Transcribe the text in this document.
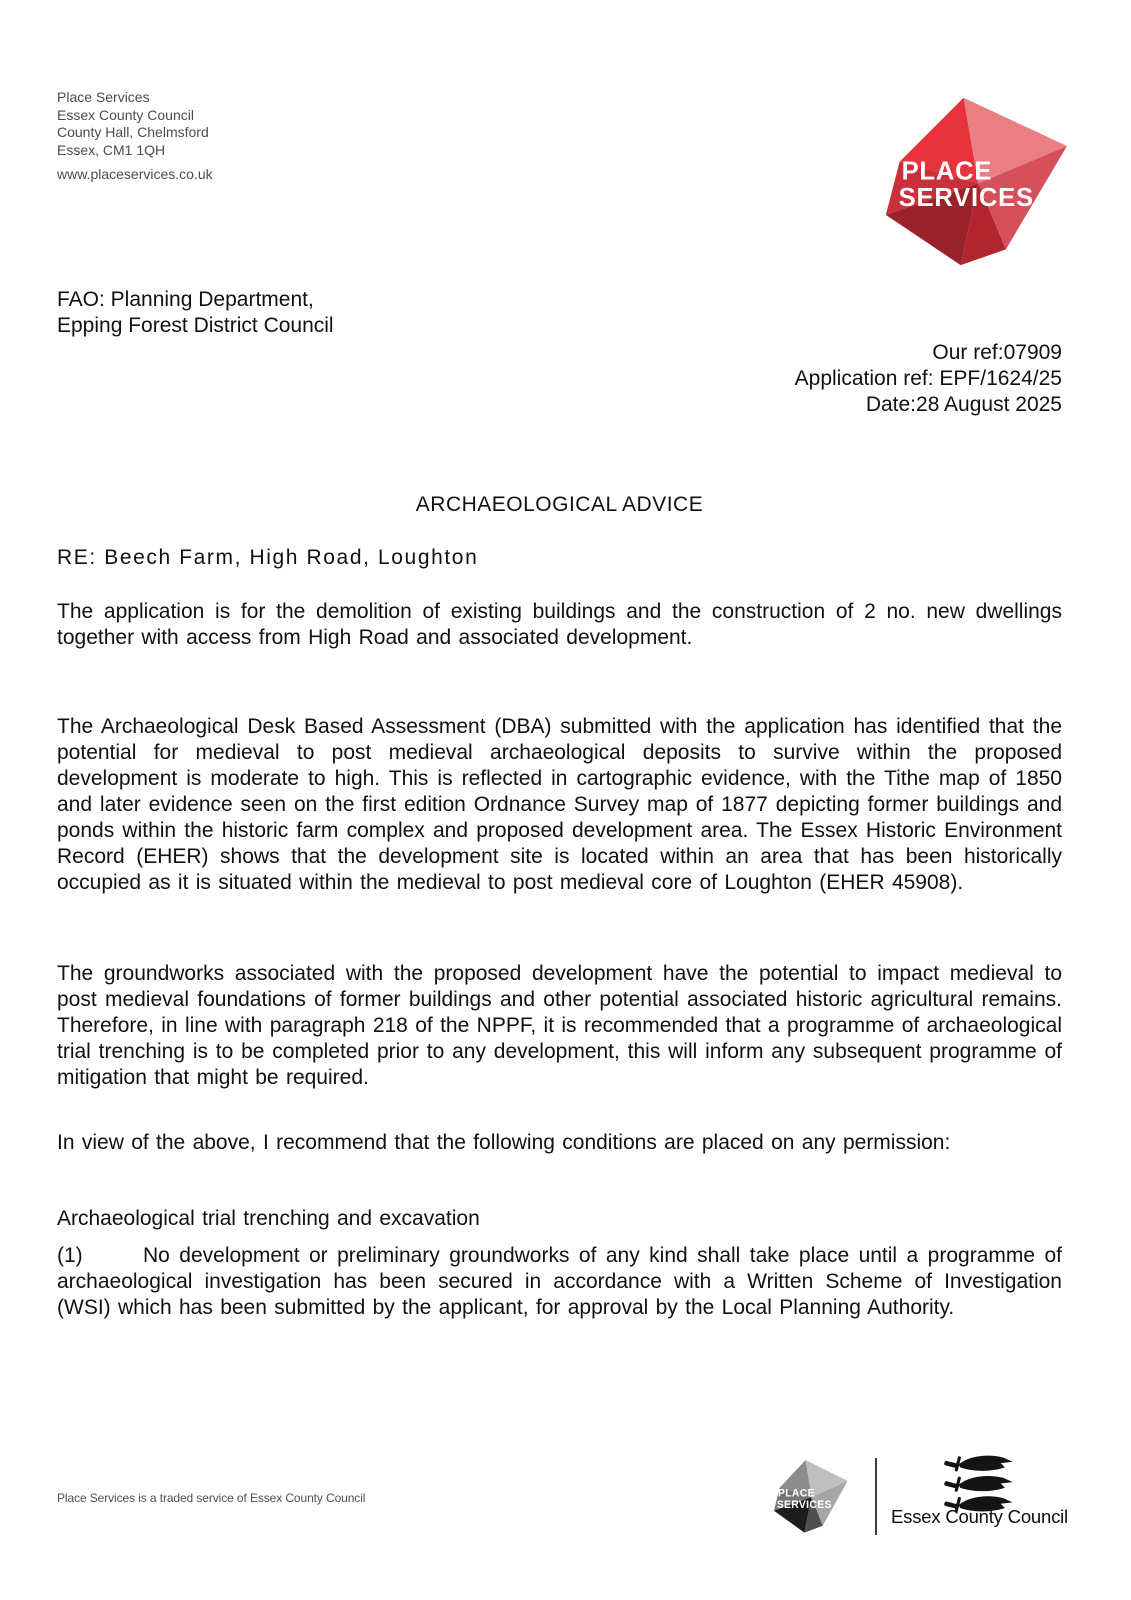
Place Services
Essex County Council
County Hall, Chelmsford
Essex, CM1 1QH
www.placeservices.co.uk	PLACE
SERVICES
FAO: Planning Department,
Epping Forest District Council
Our ref:07909
Application ref: EPF/1624/25
Date:28 August 2025
ARCHAEOLOGICAL ADVICE
RE: Beech Farm, High Road, Loughton

The application is for the demolition of existing buildings and the construction of 2 no. new dwellings together with access from High Road and associated development.

The Archaeological Desk Based Assessment (DBA) submitted with the application has identified that the potential for medieval to post medieval archaeological deposits to survive within the proposed development is moderate to high. This is reflected in cartographic evidence, with the Tithe map of 1850 and later evidence seen on the first edition Ordnance Survey map of 1877 depicting former buildings and ponds within the historic farm complex and proposed development area. The Essex Historic Environment Record (EHER) shows that the development site is located within an area that has been historically occupied as it is situated within the medieval to post medieval core of Loughton (EHER 45908).

The groundworks associated with the proposed development have the potential to impact medieval to post medieval foundations of former buildings and other potential associated historic agricultural remains. Therefore, in line with paragraph 218 of the NPPF, it is recommended that a programme of archaeological trial trenching is to be completed prior to any development, this will inform any subsequent programme of mitigation that might be required.

In view of the above, I recommend that the following conditions are placed on any permission:

Archaeological trial trenching and excavation

(1)	No development or preliminary groundworks of any kind shall take place until a programme of archaeological investigation has been secured in accordance with a Written Scheme of Investigation (WSI) which has been submitted by the applicant, for approval by the Local Planning Authority.

Place Services is a traded service of Essex County Council	PLACE
SERVICES
Essex County Council
